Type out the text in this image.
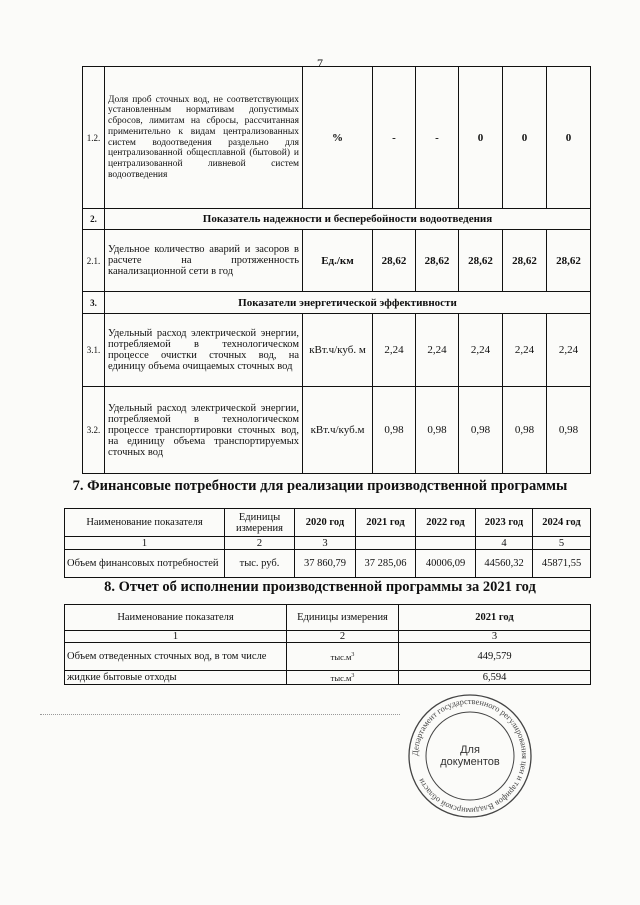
7
1.2.	Доля проб сточных вод, не соответствующих установленным нормативам допустимых сбросов, лимитам на сбросы, рассчитанная применительно к видам централизованных систем водоотведения раздельно для централизованной общесплавной (бытовой) и централизованной ливневой систем водоотведения	%	-	-	0	0	0
2.	Показатель надежности и бесперебойности водоотведения						
2.1.	Удельное количество аварий и засоров в расчете на протяженность канализационной сети в год	Ед./км	28,62	28,62	28,62	28,62	28,62
3.	Показатели энергетической эффективности						
3.1.	Удельный расход электрической энергии, потребляемой в технологическом процессе очистки сточных вод, на единицу объема очищаемых сточных вод	кВт.ч/куб. м	2,24	2,24	2,24	2,24	2,24
3.2.	Удельный расход электрической энергии, потребляемой в технологическом процессе транспортировки сточных вод, на единицу объема транспортируемых сточных вод	кВт.ч/куб.м	0,98	0,98	0,98	0,98	0,98
7. Финансовые потребности для реализации производственной программы
Наименование показателя	Единицы измерения	2020 год	2021 год	2022 год	2023 год	2024 год
1	2	3			4	5
Объем финансовых потребностей	тыс. руб.	37 860,79	37 285,06	40006,09	44560,32	45871,55
8. Отчет об исполнении производственной программы за 2021 год
Наименование показателя	Единицы измерения	2021 год
1	2	3
Объем отведенных сточных вод, в том числе	$тыс.м^3$	449,579
жидкие бытовые отходы	$тыс.м^3$	6,594
Департамент государственного регулирования цен и тарифов Владимирской области
Для
документов
